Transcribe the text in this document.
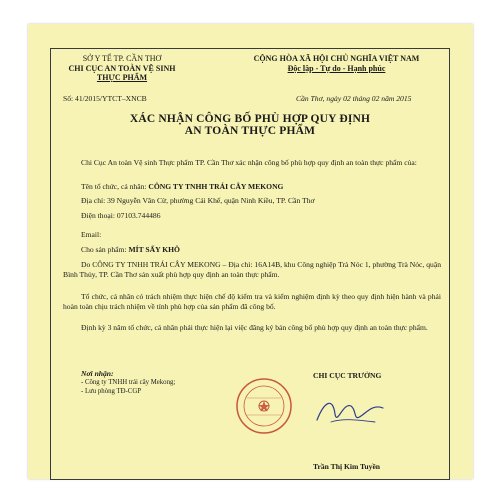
SỞ Y TẾ TP. CẦN THƠ
CHI CỤC AN TOÀN VỆ SINH
THỰC PHẨM
CỘNG HÒA XÃ HỘI CHỦ NGHĨA VIỆT NAM
Độc lập - Tự do - Hạnh phúc
Số: 41/2015/YTCT–XNCB	Cần Thơ, ngày 02 tháng 02 năm 2015
XÁC NHẬN CÔNG BỐ PHÙ HỢP QUY ĐỊNH
AN TOÀN THỰC PHẨM
Chi Cục An toàn Vệ sinh Thực phẩm TP. Cần Thơ xác nhận công bố phù hợp quy định an toàn thực phẩm của:
Tên tổ chức, cá nhân: CÔNG TY TNHH TRÁI CÂY MEKONG
Địa chỉ: 39 Nguyễn Văn Cừ, phường Cái Khế, quận Ninh Kiều, TP. Cần Thơ
Điện thoại: 07103.744486
Email:
Cho sản phẩm: MÍT SẤY KHÔ
Do CÔNG TY TNHH TRÁI CÂY MEKONG – Địa chỉ: 16A14B, khu Công nghiệp Trà Nóc 1, phường Trà Nóc, quận Bình Thủy, TP. Cần Thơ sản xuất phù hợp quy định an toàn thực phẩm.
Tổ chức, cá nhân có trách nhiệm thực hiện chế độ kiểm tra và kiểm nghiệm định kỳ theo quy định hiện hành và phải hoàn toàn chịu trách nhiệm về tính phù hợp của sản phẩm đã công bố.
Định kỳ 3 năm tổ chức, cá nhân phải thực hiện lại việc đăng ký bản công bố phù hợp quy định an toàn thực phẩm.
Nơi nhận:
- Công ty TNHH trái cây Mekong;
- Lưu phòng TĐ-CGP
CHI CỤC TRƯỞNG
Trần Thị Kim Tuyền
